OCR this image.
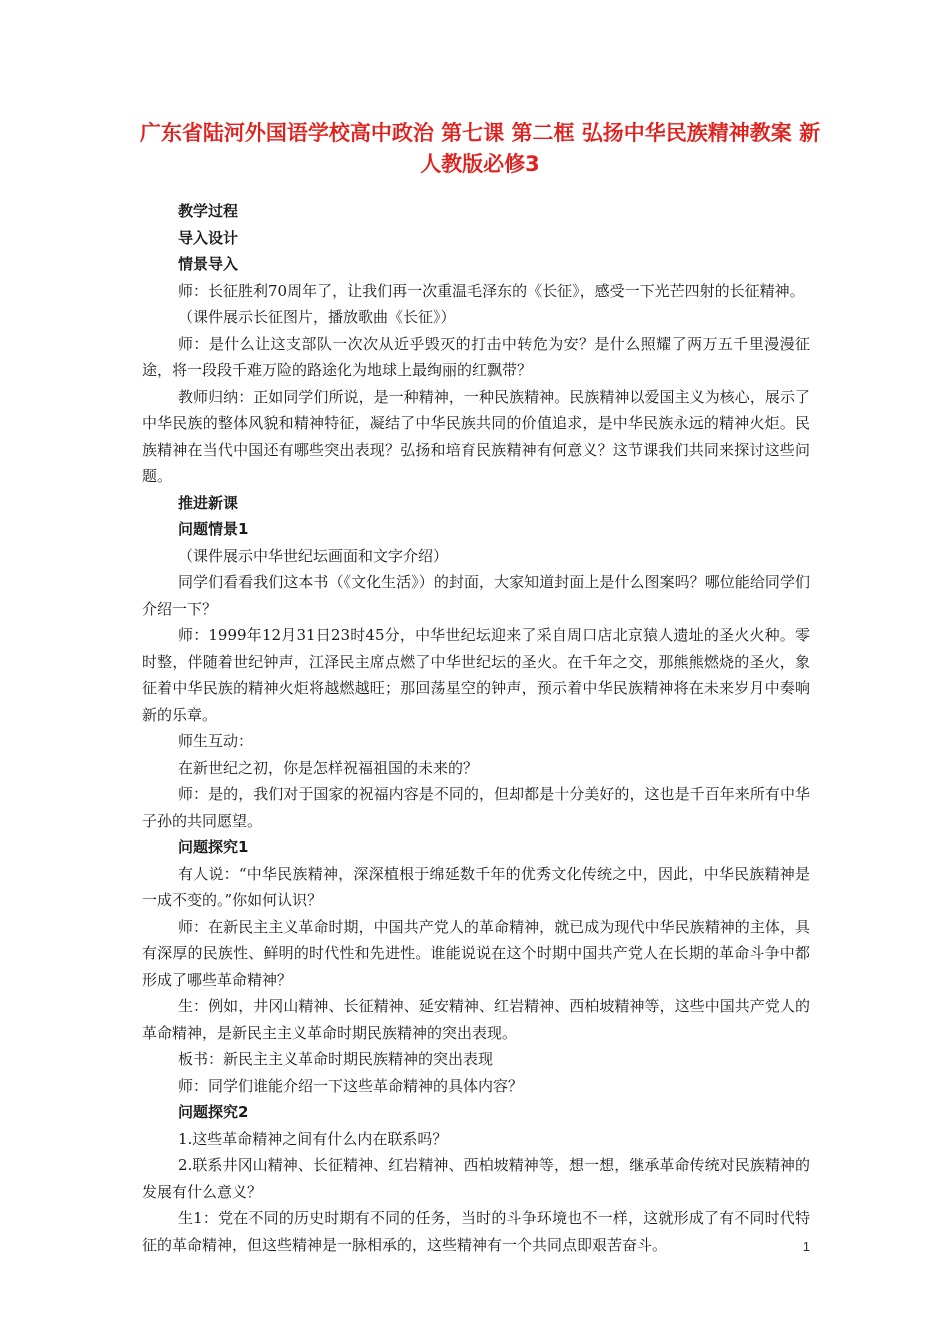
广东省陆河外国语学校高中政治 第七课 第二框 弘扬中华民族精神教案 新人教版必修3

教学过程

导入设计

情景导入

师：长征胜利70周年了，让我们再一次重温毛泽东的《长征》，感受一下光芒四射的长征精神。

（课件展示长征图片，播放歌曲《长征》）

师：是什么让这支部队一次次从近乎毁灭的打击中转危为安？是什么照耀了两万五千里漫漫征途，将一段段千难万险的路途化为地球上最绚丽的红飘带？

教师归纳：正如同学们所说，是一种精神，一种民族精神。民族精神以爱国主义为核心，展示了中华民族的整体风貌和精神特征，凝结了中华民族共同的价值追求，是中华民族永远的精神火炬。民族精神在当代中国还有哪些突出表现？弘扬和培育民族精神有何意义？这节课我们共同来探讨这些问题。

推进新课

问题情景1

（课件展示中华世纪坛画面和文字介绍）

同学们看看我们这本书（《文化生活》）的封面，大家知道封面上是什么图案吗？哪位能给同学们介绍一下？

师：1999年12月31日23时45分，中华世纪坛迎来了采自周口店北京猿人遗址的圣火火种。零时整，伴随着世纪钟声，江泽民主席点燃了中华世纪坛的圣火。在千年之交，那熊熊燃烧的圣火，象征着中华民族的精神火炬将越燃越旺；那回荡星空的钟声，预示着中华民族精神将在未来岁月中奏响新的乐章。

师生互动：

在新世纪之初，你是怎样祝福祖国的未来的？

师：是的，我们对于国家的祝福内容是不同的，但却都是十分美好的，这也是千百年来所有中华子孙的共同愿望。

问题探究1

有人说：“中华民族精神，深深植根于绵延数千年的优秀文化传统之中，因此，中华民族精神是一成不变的。”你如何认识？

师：在新民主主义革命时期，中国共产党人的革命精神，就已成为现代中华民族精神的主体，具有深厚的民族性、鲜明的时代性和先进性。谁能说说在这个时期中国共产党人在长期的革命斗争中都形成了哪些革命精神？

生：例如，井冈山精神、长征精神、延安精神、红岩精神、西柏坡精神等，这些中国共产党人的革命精神，是新民主主义革命时期民族精神的突出表现。

板书：新民主主义革命时期民族精神的突出表现

师：同学们谁能介绍一下这些革命精神的具体内容？

问题探究2

1.这些革命精神之间有什么内在联系吗？

2.联系井冈山精神、长征精神、红岩精神、西柏坡精神等，想一想，继承革命传统对民族精神的发展有什么意义？

生1：党在不同的历史时期有不同的任务，当时的斗争环境也不一样，这就形成了有不同时代特征的革命精神，但这些精神是一脉相承的，这些精神有一个共同点即艰苦奋斗。	1
